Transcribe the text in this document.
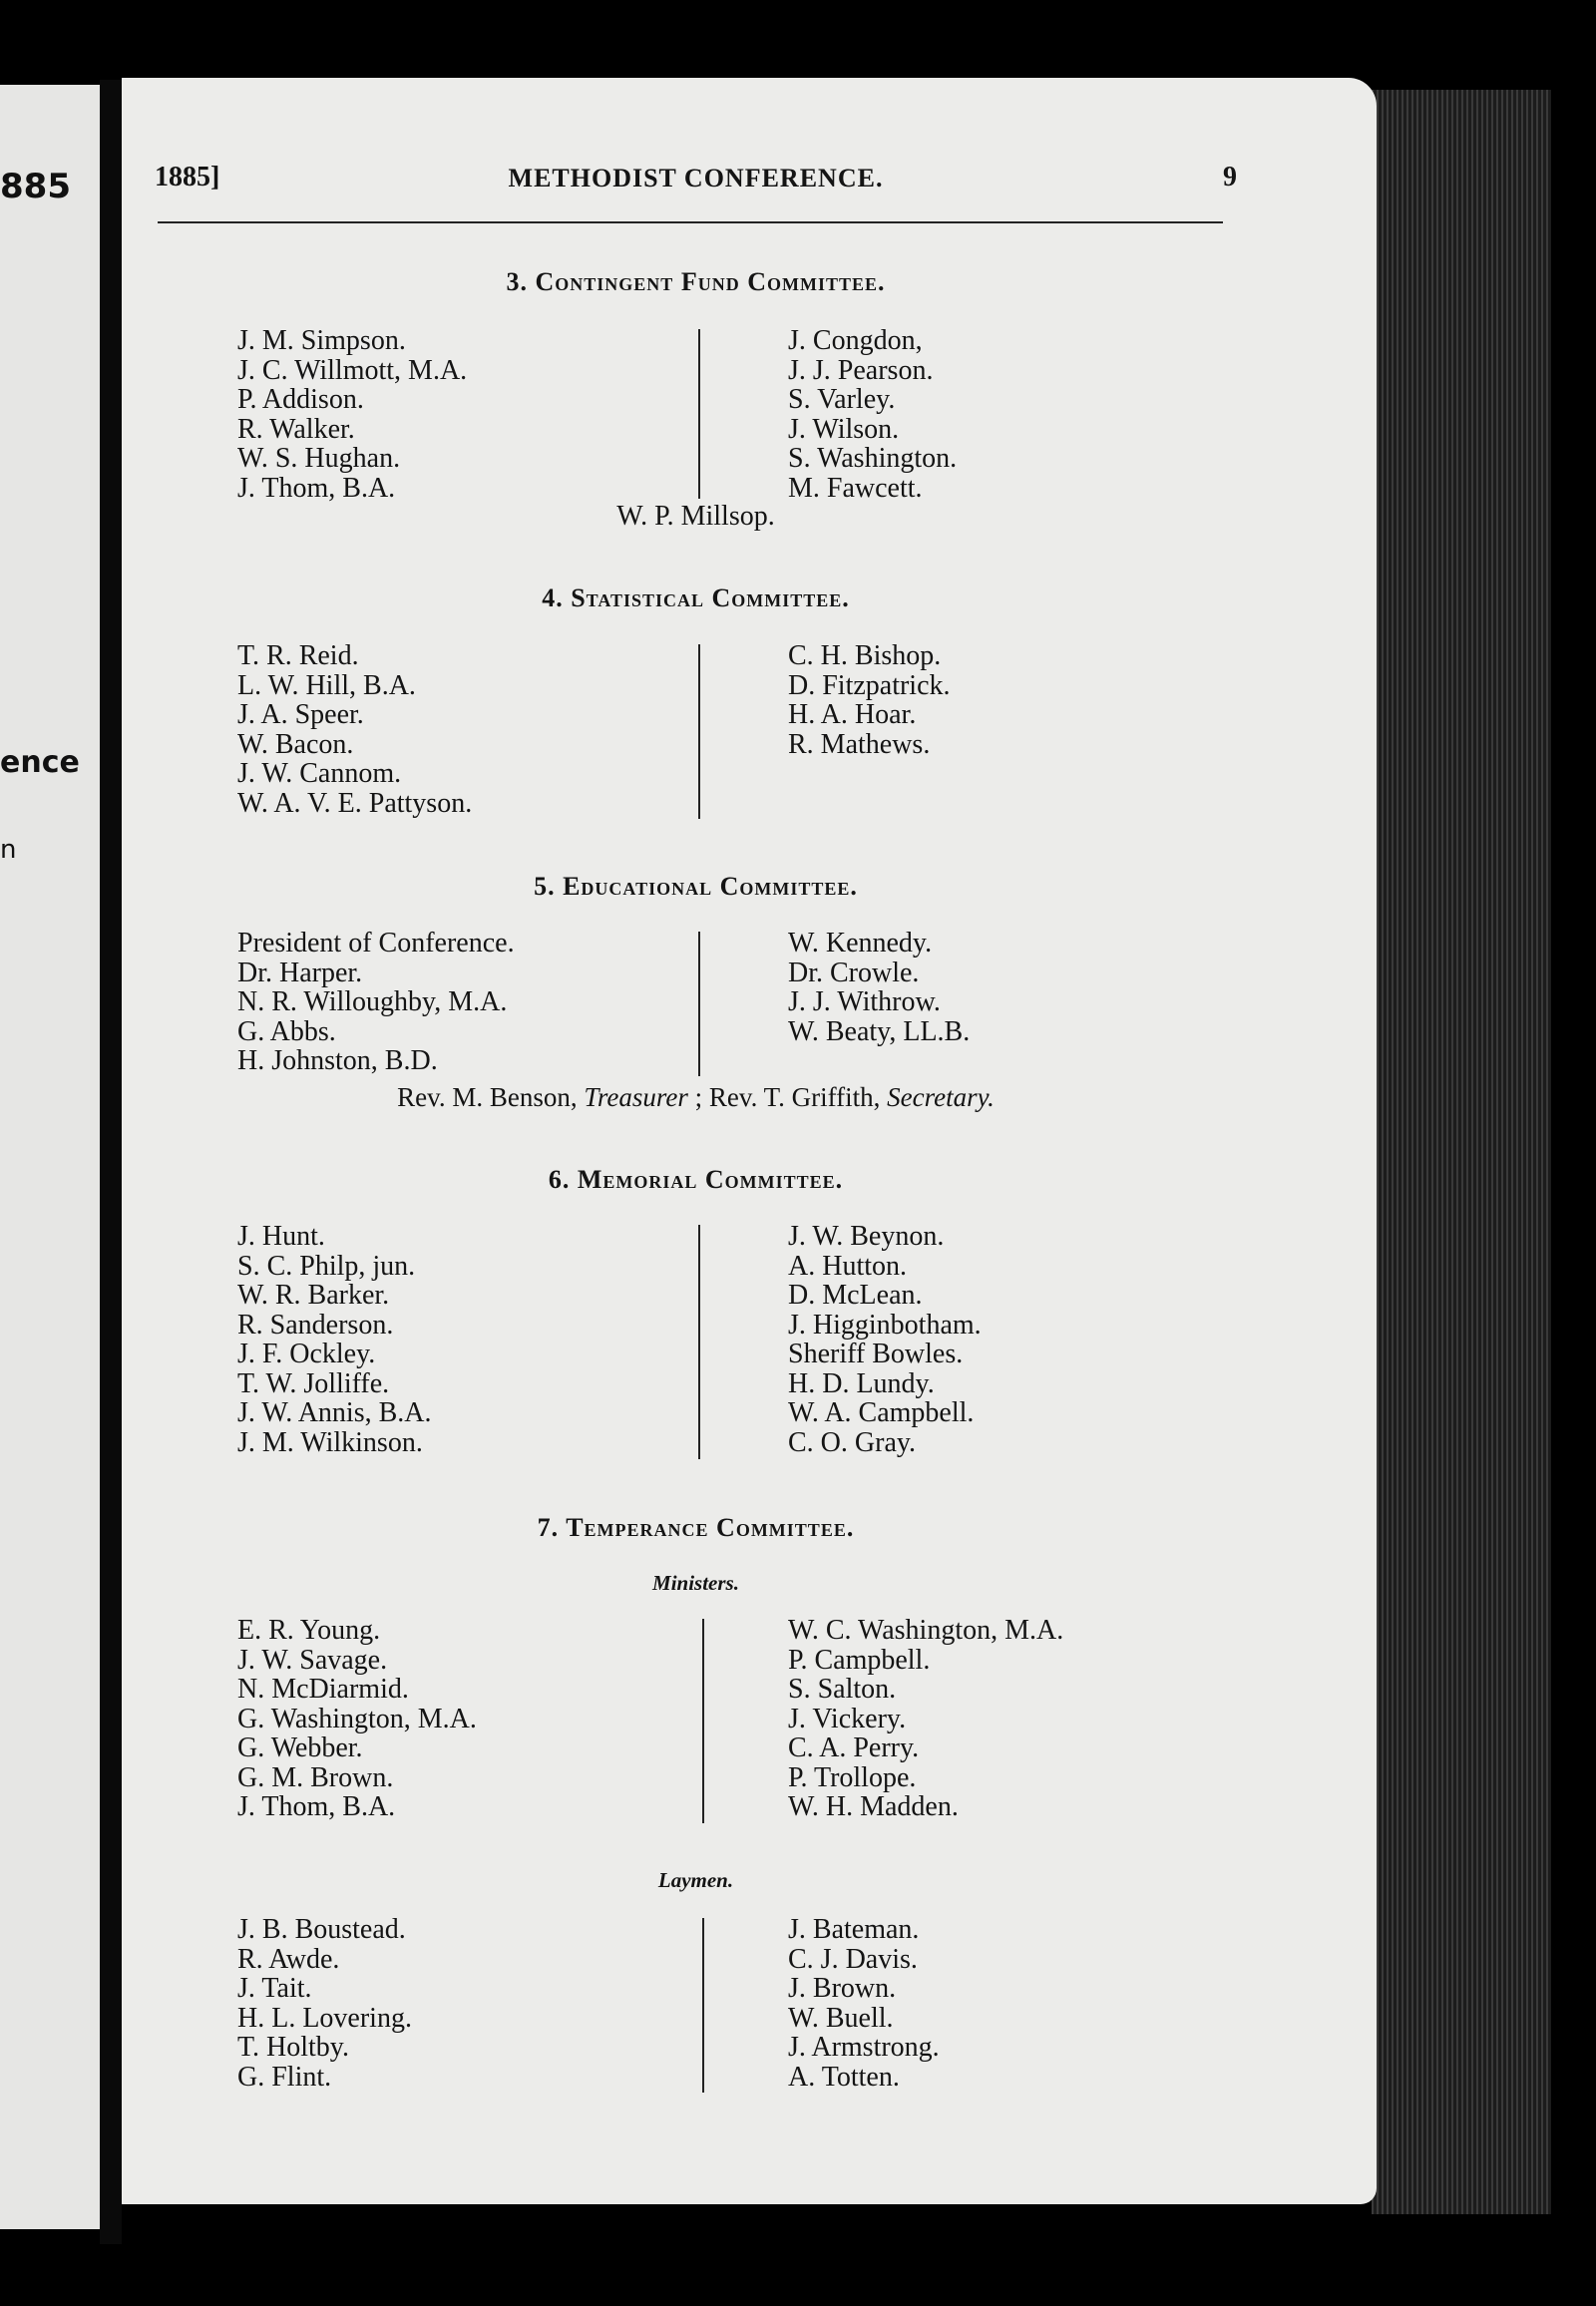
885
ence
n
1885]	METHODIST CONFERENCE.	9
3. Contingent Fund Committee.
J. M. Simpson.
J. C. Willmott, M.A.
P. Addison.
R. Walker.
W. S. Hughan.
J. Thom, B.A.
J. Congdon,
J. J. Pearson.
S. Varley.
J. Wilson.
S. Washington.
M. Fawcett.
W. P. Millsop.
4. Statistical Committee.
T. R. Reid.
L. W. Hill, B.A.
J. A. Speer.
W. Bacon.
J. W. Cannom.
W. A. V. E. Pattyson.
C. H. Bishop.
D. Fitzpatrick.
H. A. Hoar.
R. Mathews.
5. Educational Committee.
President of Conference.
Dr. Harper.
N. R. Willoughby, M.A.
G. Abbs.
H. Johnston, B.D.
W. Kennedy.
Dr. Crowle.
J. J. Withrow.
W. Beaty, LL.B.
Rev. M. Benson, Treasurer ; Rev. T. Griffith, Secretary.
6. Memorial Committee.
J. Hunt.
S. C. Philp, jun.
W. R. Barker.
R. Sanderson.
J. F. Ockley.
T. W. Jolliffe.
J. W. Annis, B.A.
J. M. Wilkinson.
J. W. Beynon.
A. Hutton.
D. McLean.
J. Higginbotham.
Sheriff Bowles.
H. D. Lundy.
W. A. Campbell.
C. O. Gray.
7. Temperance Committee.
Ministers.
E. R. Young.
J. W. Savage.
N. McDiarmid.
G. Washington, M.A.
G. Webber.
G. M. Brown.
J. Thom, B.A.
W. C. Washington, M.A.
P. Campbell.
S. Salton.
J. Vickery.
C. A. Perry.
P. Trollope.
W. H. Madden.
Laymen.
J. B. Boustead.
R. Awde.
J. Tait.
H. L. Lovering.
T. Holtby.
G. Flint.
J. Bateman.
C. J. Davis.
J. Brown.
W. Buell.
J. Armstrong.
A. Totten.
